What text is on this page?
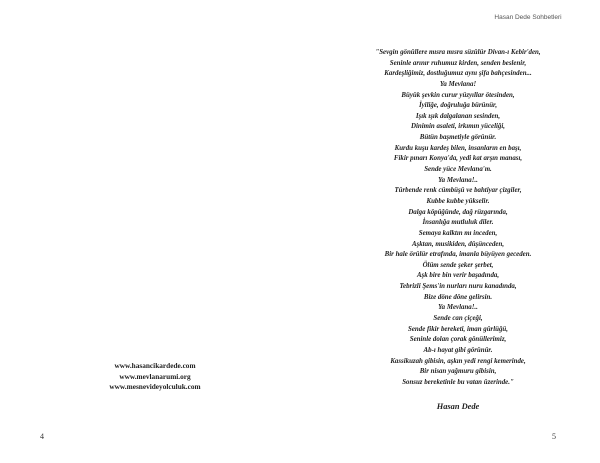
www.hasancikardede.com
www.mevlanarumi.org
www.mesnevideyolculuk.com
4
Hasan Dede Sohbetleri
"Sevgin gönüllere mısra mısra süzülür Divan-ı Kebir'den,
Seninle arınır ruhumuz kirden, senden beslenir,
Kardeşliğimiz, dostluğumuz aynı şifa bahçesinden...
Ya Mevlana!
Büyük şevkin curur yüzyıllar ötesinden,
İyiliğe, doğruluğa bürünür,
Işık ışık dalgalanan sesinden,
Dinimin asaleti, irkımın yüceliği,
Bütün başmetiyle görünür.
Kurdu kuşu kardeş bilen, insanların en başı,
Fikir pınarı Konya'da, yedi kat arşın manası,
Sende yüce Mevlana'm.
Ya Mevlana!..
Türbende renk cümbüşü ve bahtiyar çizgiler,
Kubbe kubbe yükselir.
Dalga köpüğünde, dağ rüzgarında,
İnsanlığa mutluluk diler.
Semaya kalktın mı inceden,
Aşktan, musikiden, düşünceden,
Bir hale örülür etrafında, imanla büyüyen geceden.
Ölüm sende şeker şerbet,
Aşk bire bin verir başadında,
Tebrizli Şems'in nurları nuru kanadında,
Bize döne döne gelirsin.
Ya Mevlana!..
Sende can çiçeği,
Sende fikir bereketi, iman gürlüğü,
Seninle dolan çorak gönüllerimiz,
Ab-ı hayat gibi görünür.
Kassikuzah gibisin, aşkın yedi rengi kemerinde,
Bir nisan yağmuru gibisin,
Sonsuz bereketinle bu vatan üzerinde."
Hasan Dede
5
